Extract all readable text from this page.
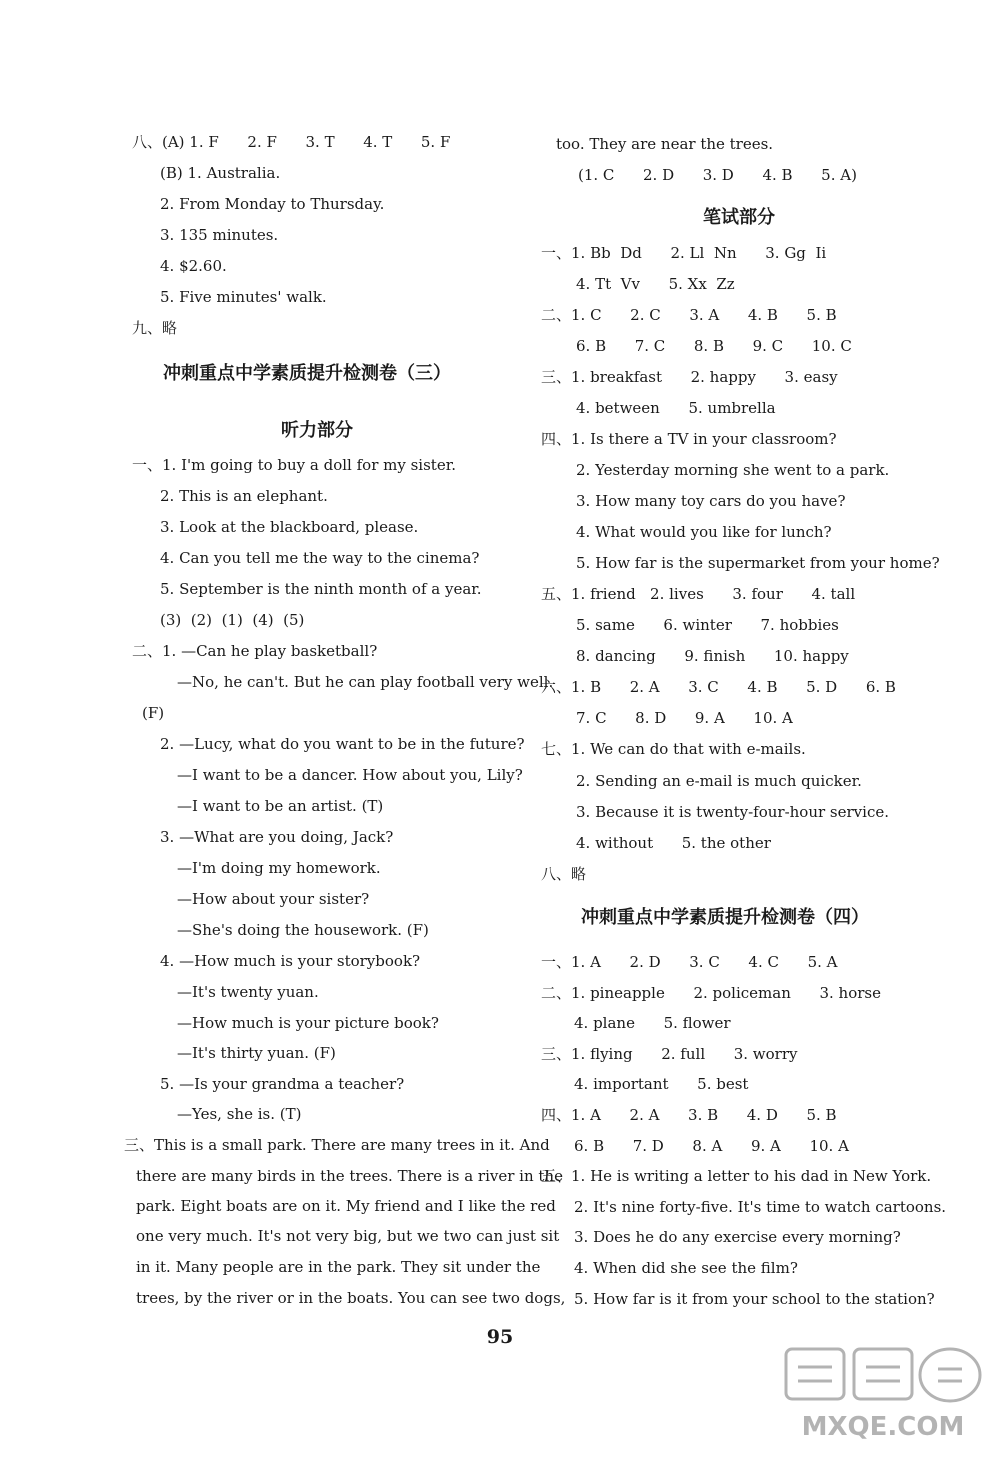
八、(A) 1. F      2. F      3. T      4. T      5. F
(B) 1. Australia.
2. From Monday to Thursday.
3. 135 minutes.
4. $2.60.
5. Five minutes' walk.
九、略
冲刺重点中学素质提升检测卷（三）
听力部分
一、1. I'm going to buy a doll for my sister.
2. This is an elephant.
3. Look at the blackboard, please.
4. Can you tell me the way to the cinema?
5. September is the ninth month of a year.
(3)  (2)  (1)  (4)  (5)
二、1. —Can he play basketball?
—No, he can't. But he can play football very well.
(F)
2. —Lucy, what do you want to be in the future?
—I want to be a dancer. How about you, Lily?
—I want to be an artist. (T)
3. —What are you doing, Jack?
—I'm doing my homework.
—How about your sister?
—She's doing the housework. (F)
4. —How much is your storybook?
—It's twenty yuan.
—How much is your picture book?
—It's thirty yuan. (F)
5. —Is your grandma a teacher?
—Yes, she is. (T)
三、This is a small park. There are many trees in it. And
there are many birds in the trees. There is a river in the
park. Eight boats are on it. My friend and I like the red
one very much. It's not very big, but we two can just sit
in it. Many people are in the park. They sit under the
trees, by the river or in the boats. You can see two dogs,
too. They are near the trees.
(1. C      2. D      3. D      4. B      5. A)
笔试部分
一、1. Bb  Dd      2. Ll  Nn      3. Gg  Ii
4. Tt  Vv      5. Xx  Zz
二、1. C      2. C      3. A      4. B      5. B
6. B      7. C      8. B      9. C      10. C
三、1. breakfast      2. happy      3. easy
4. between      5. umbrella
四、1. Is there a TV in your classroom?
2. Yesterday morning she went to a park.
3. How many toy cars do you have?
4. What would you like for lunch?
5. How far is the supermarket from your home?
五、1. friend   2. lives      3. four      4. tall
5. same      6. winter      7. hobbies
8. dancing      9. finish      10. happy
六、1. B      2. A      3. C      4. B      5. D      6. B
7. C      8. D      9. A      10. A
七、1. We can do that with e-mails.
2. Sending an e-mail is much quicker.
3. Because it is twenty-four-hour service.
4. without      5. the other
八、略
冲刺重点中学素质提升检测卷（四）
一、1. A      2. D      3. C      4. C      5. A
二、1. pineapple      2. policeman      3. horse
4. plane      5. flower
三、1. flying      2. full      3. worry
4. important      5. best
四、1. A      2. A      3. B      4. D      5. B
6. B      7. D      8. A      9. A      10. A
五、1. He is writing a letter to his dad in New York.
2. It's nine forty-five. It's time to watch cartoons.
3. Does he do any exercise every morning?
4. When did she see the film?
5. How far is it from your school to the station?
95
MXQE.COM
